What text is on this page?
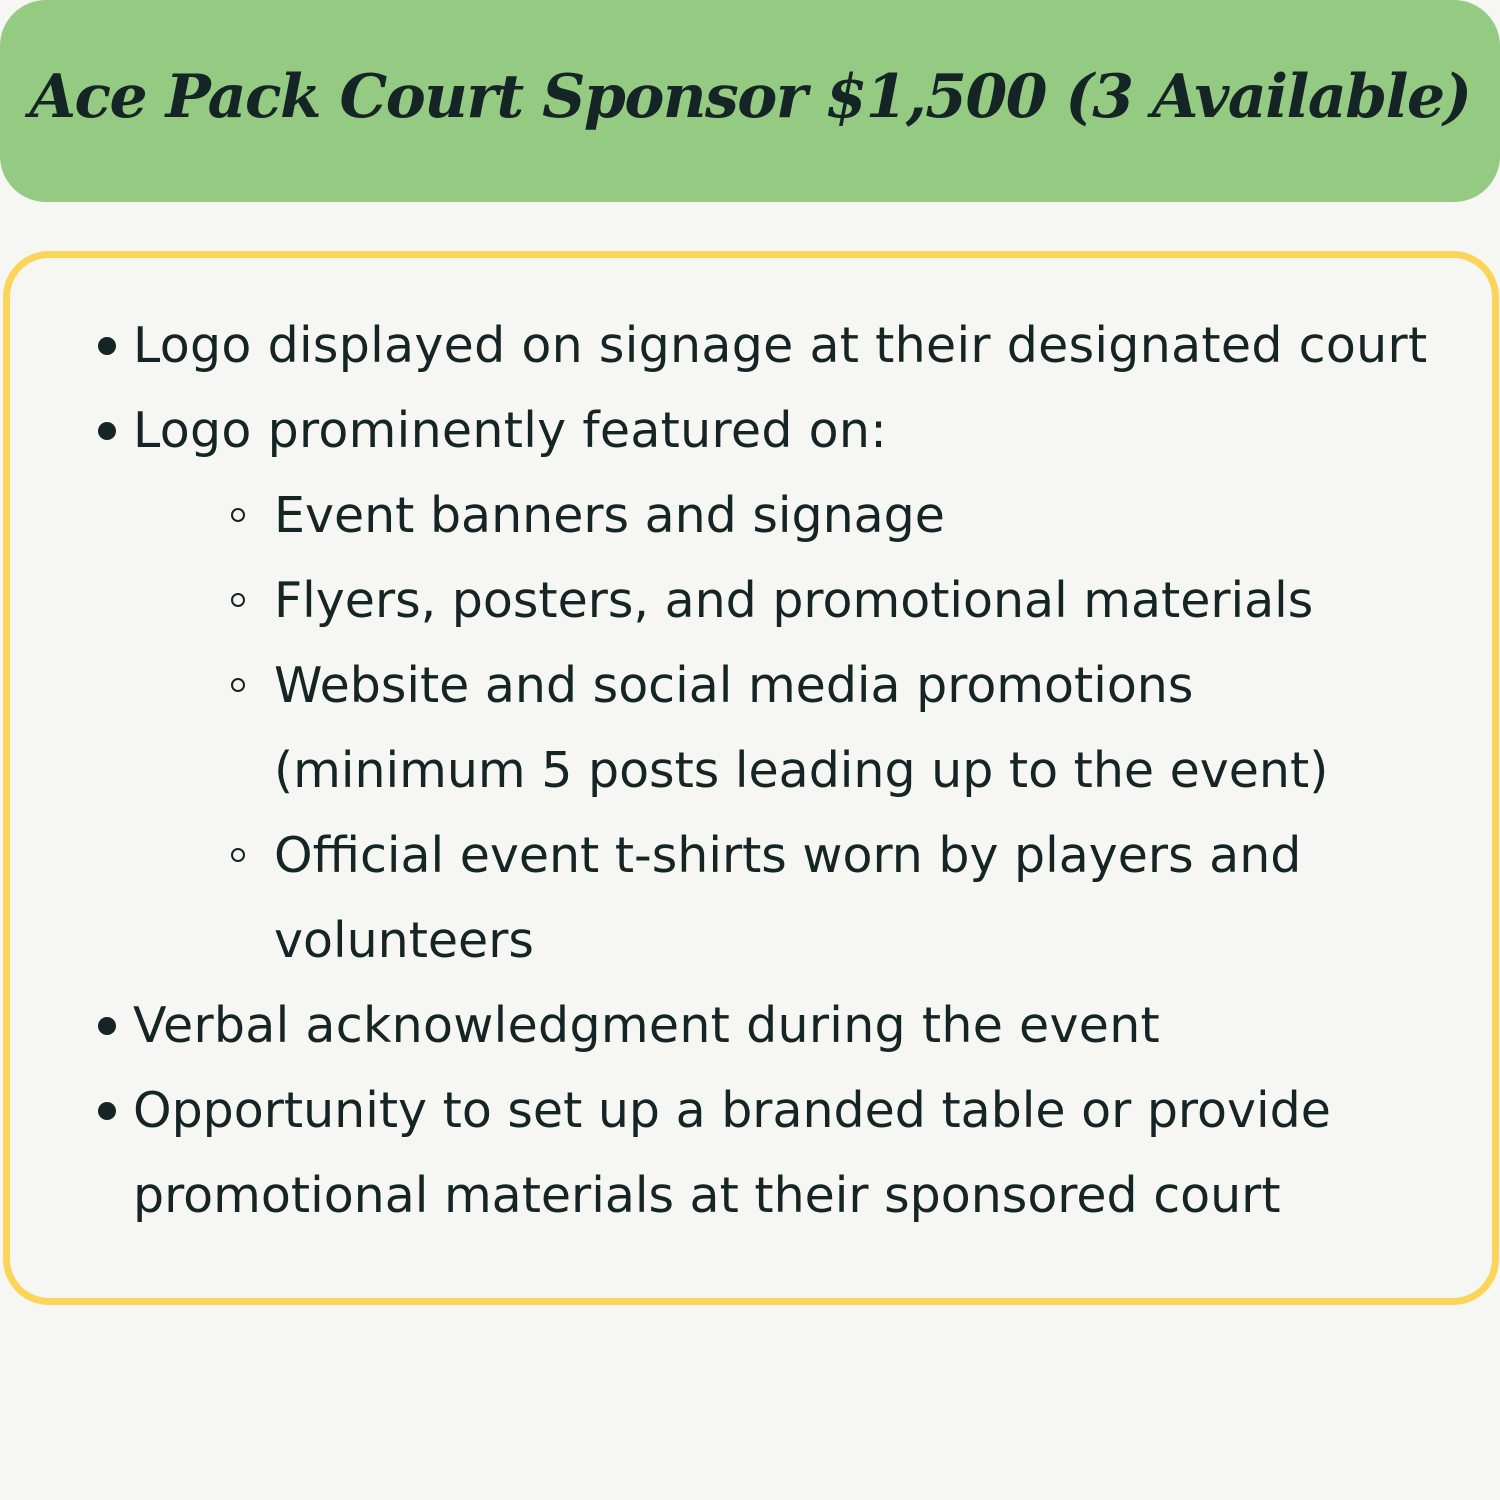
Ace Pack Court Sponsor $1,500 (3 Available)
Logo displayed on signage at their designated court
Logo prominently featured on:
Event banners and signage
Flyers, posters, and promotional materials
Website and social media promotions
(minimum 5 posts leading up to the event)
Official event t-shirts worn by players and
volunteers
Verbal acknowledgment during the event
Opportunity to set up a branded table or provide
promotional materials at their sponsored court
